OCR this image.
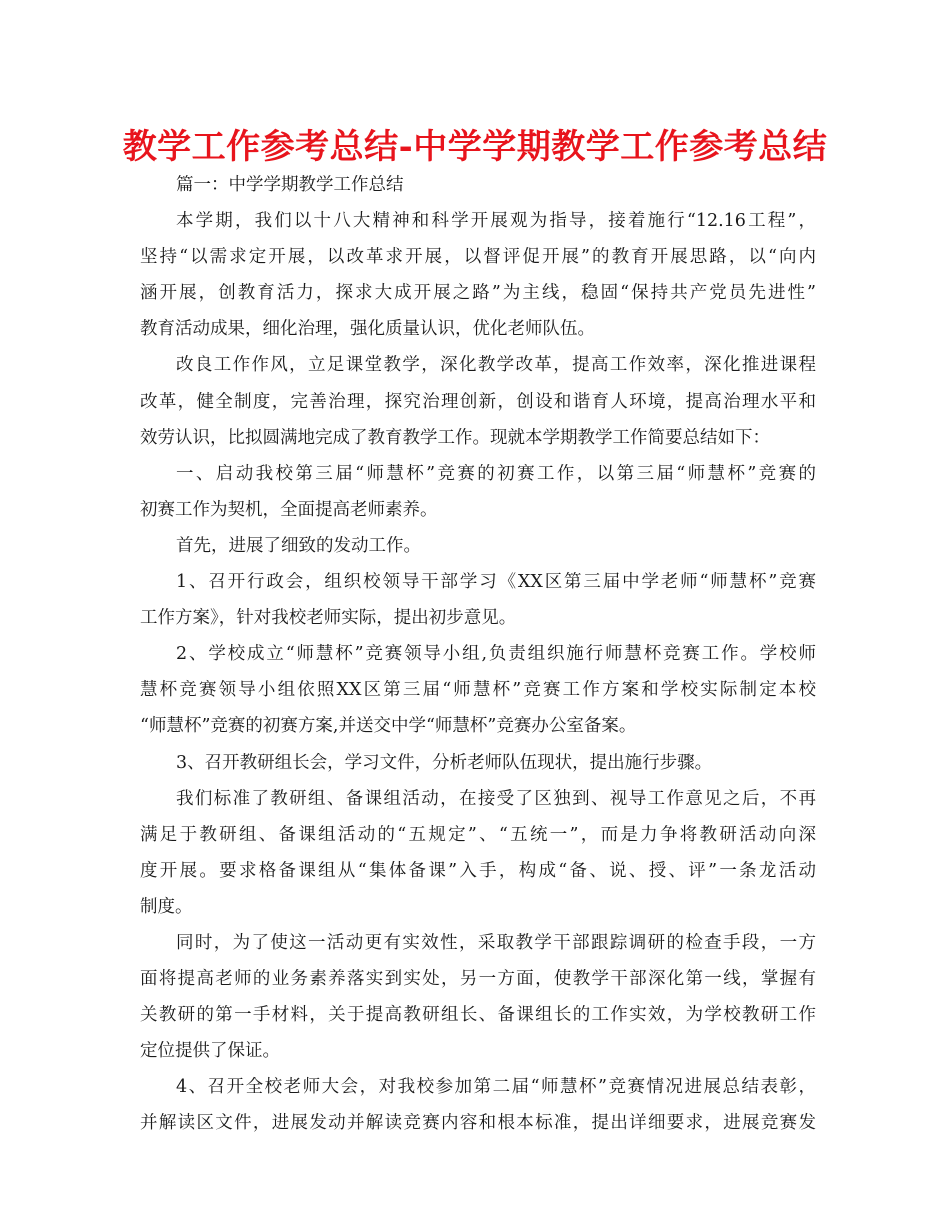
教学工作参考总结-中学学期教学工作参考总结
篇一：中学学期教学工作总结
本学期，我们以十八大精神和科学开展观为指导，接着施行“12.16工程”，
坚持“以需求定开展，以改革求开展，以督评促开展”的教育开展思路，以“向内
涵开展，创教育活力，探求大成开展之路”为主线，稳固“保持共产党员先进性”
教育活动成果，细化治理，强化质量认识，优化老师队伍。
改良工作作风，立足课堂教学，深化教学改革，提高工作效率，深化推进课程
改革，健全制度，完善治理，探究治理创新，创设和谐育人环境，提高治理水平和
效劳认识，比拟圆满地完成了教育教学工作。现就本学期教学工作简要总结如下：
一、启动我校第三届“师慧杯”竞赛的初赛工作，以第三届“师慧杯”竞赛的
初赛工作为契机，全面提高老师素养。
首先，进展了细致的发动工作。
1、召开行政会，组织校领导干部学习《XX区第三届中学老师“师慧杯”竞赛
工作方案》，针对我校老师实际，提出初步意见。
2、学校成立“师慧杯”竞赛领导小组,负责组织施行师慧杯竞赛工作。学校师
慧杯竞赛领导小组依照XX区第三届“师慧杯”竞赛工作方案和学校实际制定本校
“师慧杯”竞赛的初赛方案,并送交中学“师慧杯”竞赛办公室备案。
3、召开教研组长会，学习文件，分析老师队伍现状，提出施行步骤。
我们标准了教研组、备课组活动，在接受了区独到、视导工作意见之后，不再
满足于教研组、备课组活动的“五规定”、“五统一”，而是力争将教研活动向深
度开展。要求格备课组从“集体备课”入手，构成“备、说、授、评”一条龙活动
制度。
同时，为了使这一活动更有实效性，采取教学干部跟踪调研的检查手段，一方
面将提高老师的业务素养落实到实处，另一方面，使教学干部深化第一线，掌握有
关教研的第一手材料，关于提高教研组长、备课组长的工作实效，为学校教研工作
定位提供了保证。
4、召开全校老师大会，对我校参加第二届“师慧杯”竞赛情况进展总结表彰，
并解读区文件，进展发动并解读竞赛内容和根本标准，提出详细要求，进展竞赛发
